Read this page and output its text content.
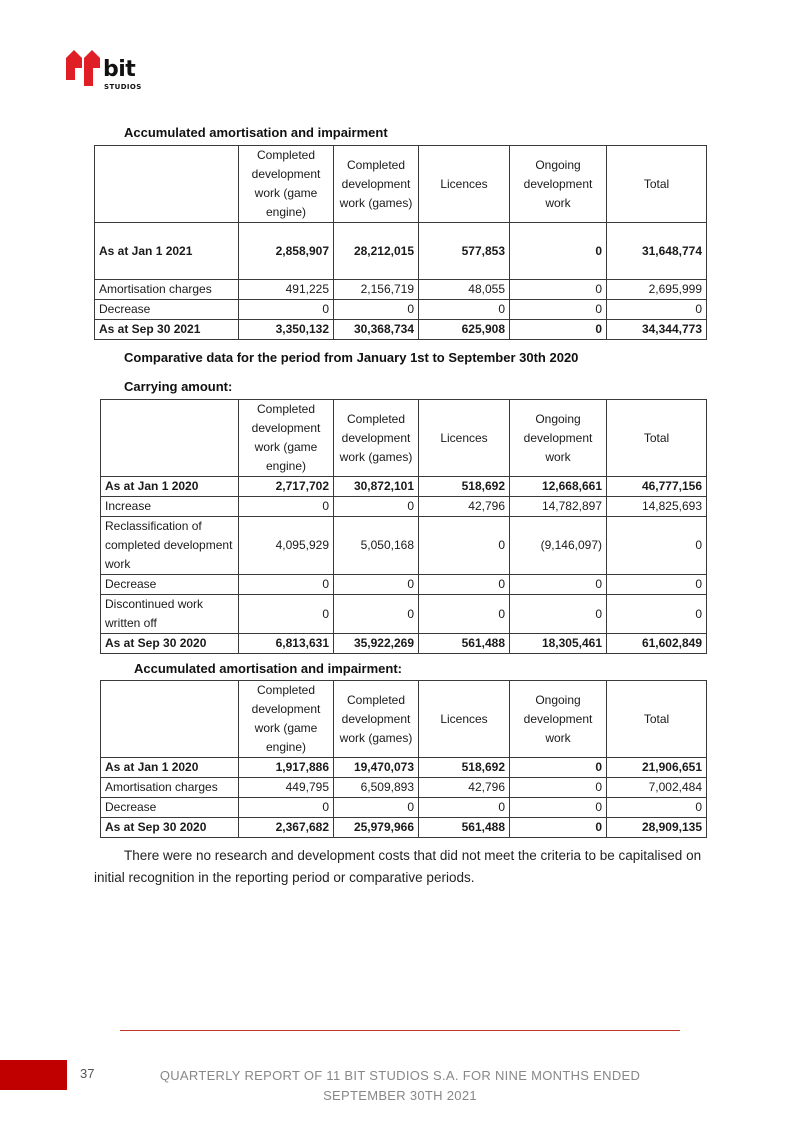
bit
STUDIOS
Accumulated amortisation and impairment
	Completed development work (game engine)	Completed development work (games)	Licences	Ongoing development work	Total
As at Jan 1 2021	2,858,907	28,212,015	577,853	0	31,648,774
Amortisation charges	491,225	2,156,719	48,055	0	2,695,999
Decrease	0	0	0	0	0
As at Sep 30 2021	3,350,132	30,368,734	625,908	0	34,344,773
Comparative data for the period from January 1st to September 30th 2020
Carrying amount:
	Completed development work (game engine)	Completed development work (games)	Licences	Ongoing development work	Total
As at Jan 1 2020	2,717,702	30,872,101	518,692	12,668,661	46,777,156
Increase	0	0	42,796	14,782,897	14,825,693
Reclassification of completed development work	4,095,929	5,050,168	0	(9,146,097)	0
Decrease	0	0	0	0	0
Discontinued work written off	0	0	0	0	0
As at Sep 30 2020	6,813,631	35,922,269	561,488	18,305,461	61,602,849
Accumulated amortisation and impairment:
	Completed development work (game engine)	Completed development work (games)	Licences	Ongoing development work	Total
As at Jan 1 2020	1,917,886	19,470,073	518,692	0	21,906,651
Amortisation charges	449,795	6,509,893	42,796	0	7,002,484
Decrease	0	0	0	0	0
As at Sep 30 2020	2,367,682	25,979,966	561,488	0	28,909,135
There were no research and development costs that did not meet the criteria to be capitalised on initial recognition in the reporting period or comparative periods.
37	QUARTERLY REPORT OF 11 BIT STUDIOS S.A. FOR NINE MONTHS ENDED SEPTEMBER 30TH 2021
